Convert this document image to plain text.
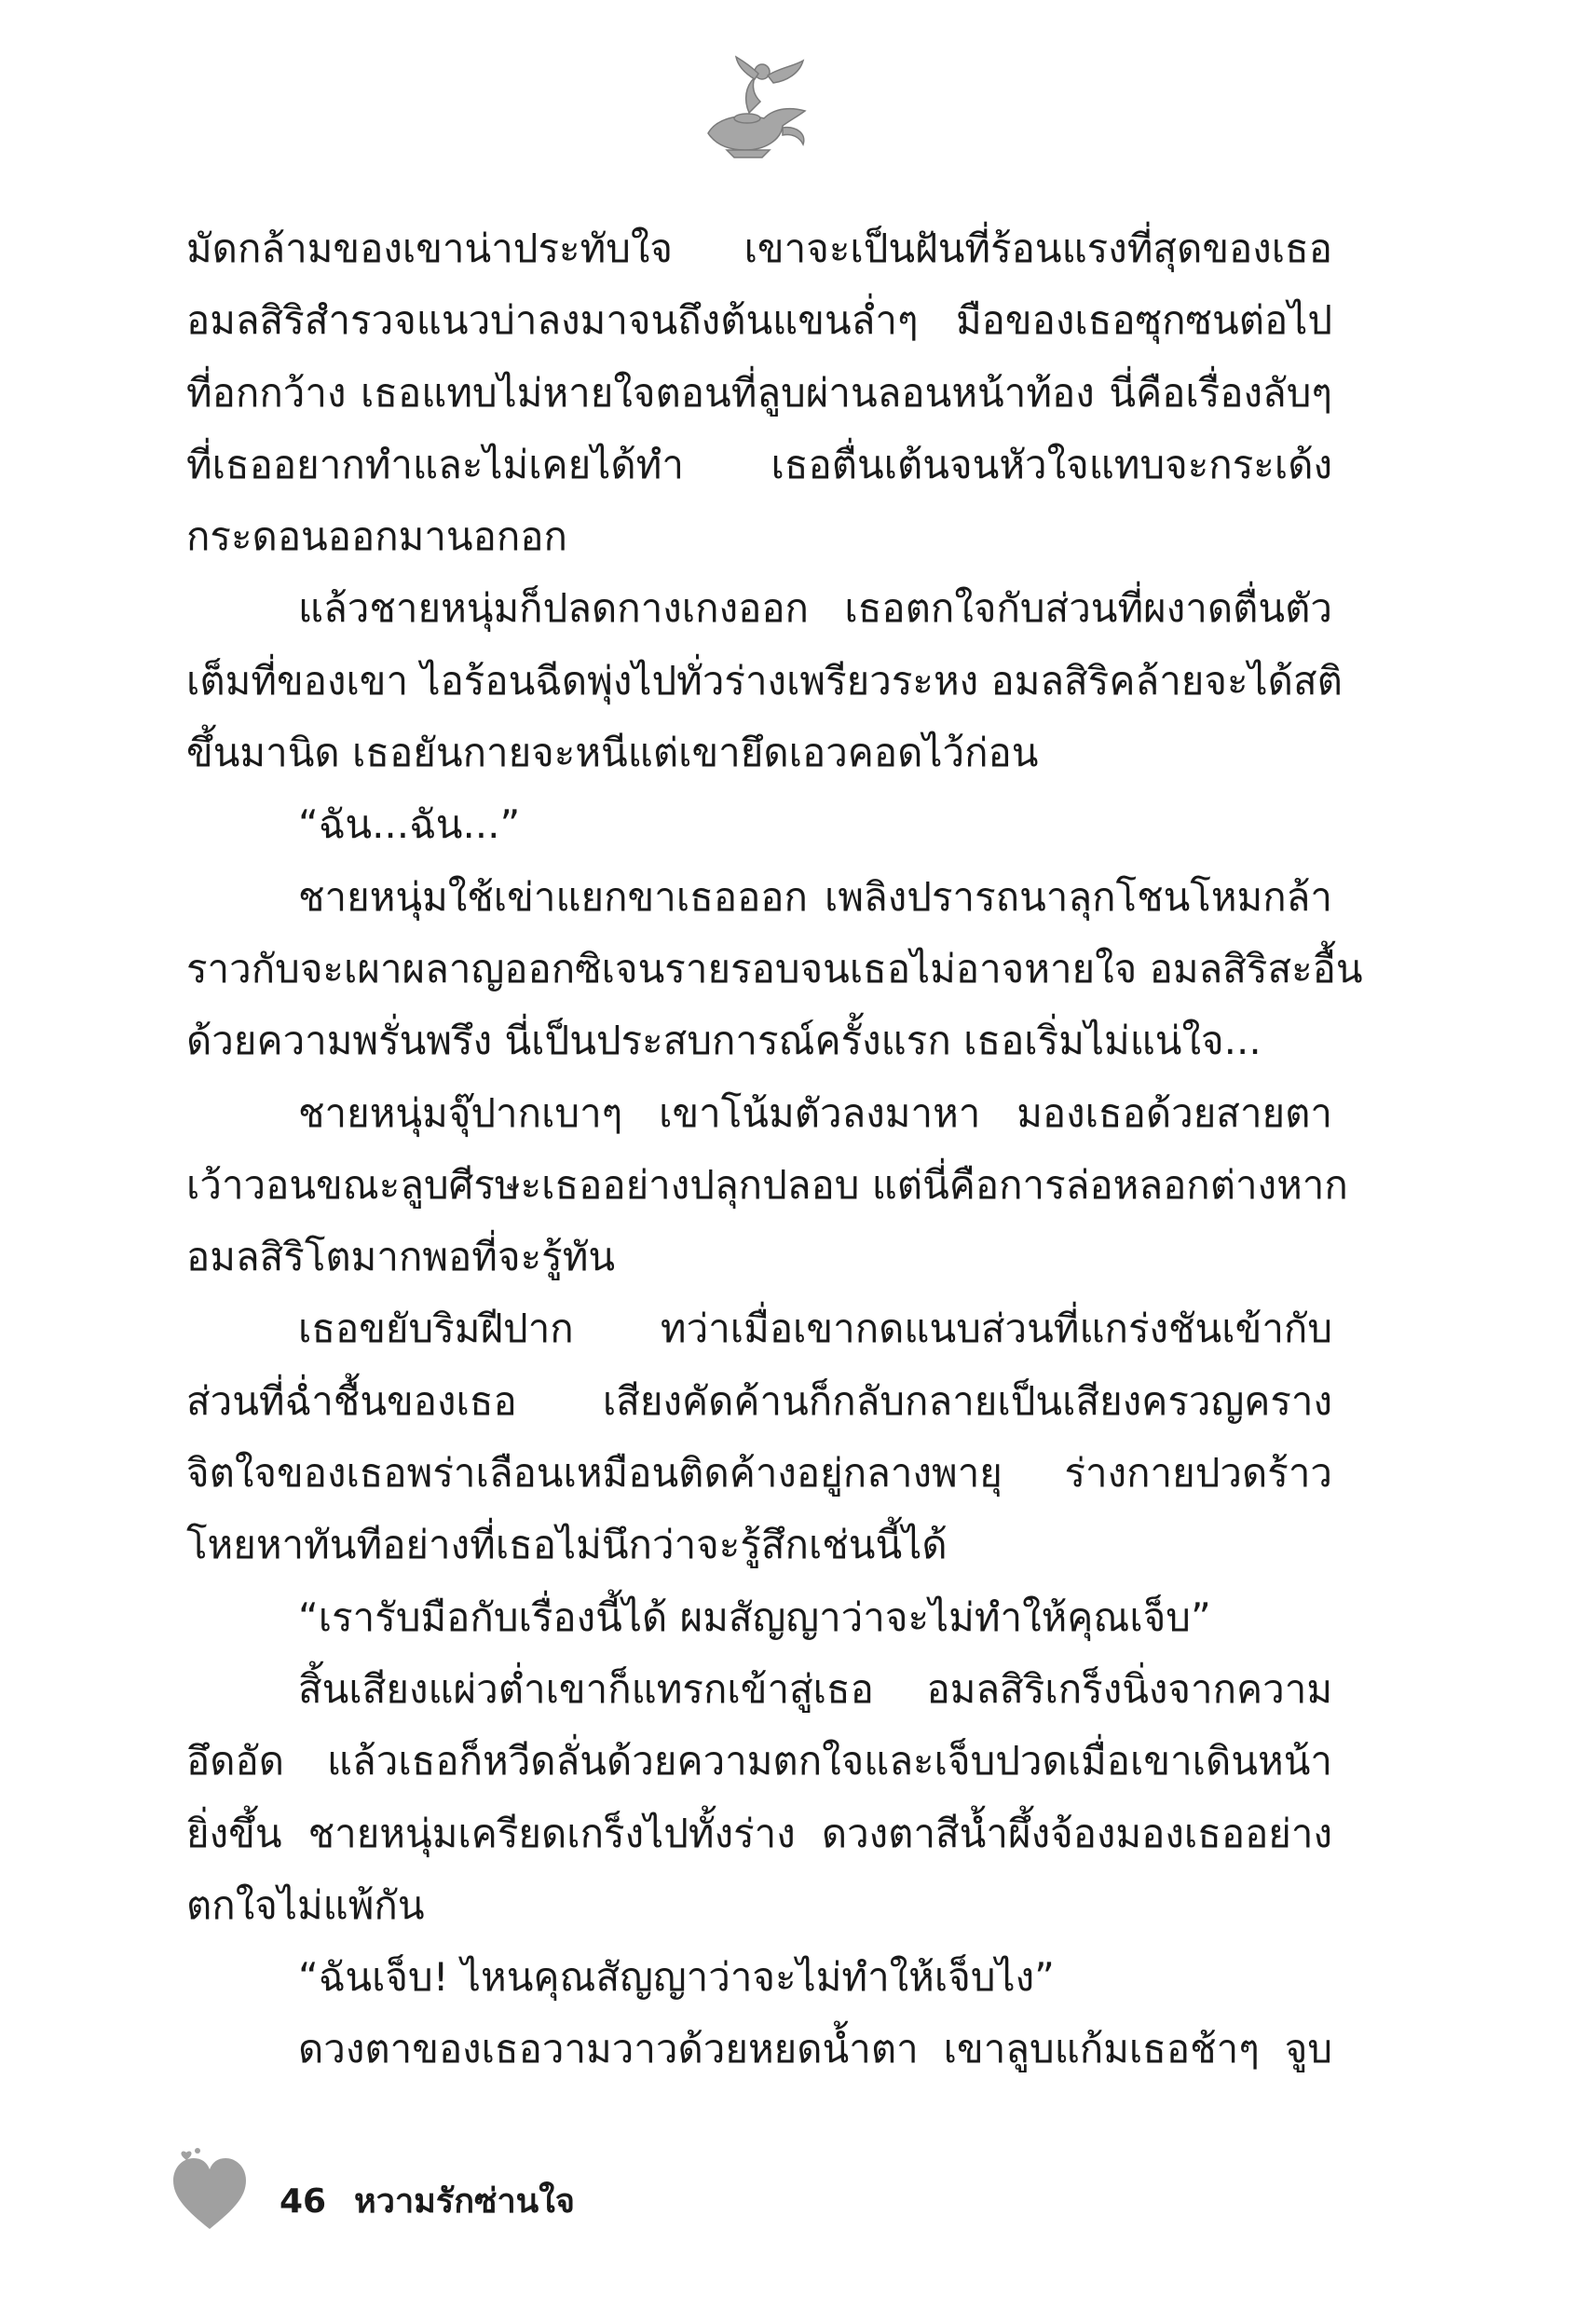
มัดกล้ามของเขาน่าประทับใจ เขาจะเป็นฝันที่ร้อนแรงที่สุดของเธอ
อมลสิริสำรวจแนวบ่าลงมาจนถึงต้นแขนล่ำๆ มือของเธอซุกซนต่อไป
ที่อกกว้าง เธอแทบไม่หายใจตอนที่ลูบผ่านลอนหน้าท้อง นี่คือเรื่องลับๆ
ที่เธออยากทำและไม่เคยได้ทำ เธอตื่นเต้นจนหัวใจแทบจะกระเด้ง
กระดอนออกมานอกอก
แล้วชายหนุ่มก็ปลดกางเกงออก เธอตกใจกับส่วนที่ผงาดตื่นตัว
เต็มที่ของเขา ไอร้อนฉีดพุ่งไปทั่วร่างเพรียวระหง อมลสิริคล้ายจะได้สติ
ขึ้นมานิด เธอยันกายจะหนีแต่เขายึดเอวคอดไว้ก่อน
“ฉัน...ฉัน...”
ชายหนุ่มใช้เข่าแยกขาเธอออก เพลิงปรารถนาลุกโชนโหมกล้า
ราวกับจะเผาผลาญออกซิเจนรายรอบจนเธอไม่อาจหายใจ อมลสิริสะอื้น
ด้วยความพรั่นพรึง นี่เป็นประสบการณ์ครั้งแรก เธอเริ่มไม่แน่ใจ...
ชายหนุ่มจุ๊ปากเบาๆ เขาโน้มตัวลงมาหา มองเธอด้วยสายตา
เว้าวอนขณะลูบศีรษะเธออย่างปลุกปลอบ แต่นี่คือการล่อหลอกต่างหาก
อมลสิริโตมากพอที่จะรู้ทัน
เธอขยับริมฝีปาก ทว่าเมื่อเขากดแนบส่วนที่แกร่งชันเข้ากับ
ส่วนที่ฉ่ำชื้นของเธอ เสียงคัดค้านก็กลับกลายเป็นเสียงครวญคราง
จิตใจของเธอพร่าเลือนเหมือนติดค้างอยู่กลางพายุ ร่างกายปวดร้าว
โหยหาทันทีอย่างที่เธอไม่นึกว่าจะรู้สึกเช่นนี้ได้
“เรารับมือกับเรื่องนี้ได้ ผมสัญญาว่าจะไม่ทำให้คุณเจ็บ”
สิ้นเสียงแผ่วต่ำเขาก็แทรกเข้าสู่เธอ อมลสิริเกร็งนิ่งจากความ
อึดอัด แล้วเธอก็หวีดลั่นด้วยความตกใจและเจ็บปวดเมื่อเขาเดินหน้า
ยิ่งขึ้น ชายหนุ่มเครียดเกร็งไปทั้งร่าง ดวงตาสีน้ำผึ้งจ้องมองเธออย่าง
ตกใจไม่แพ้กัน
“ฉันเจ็บ! ไหนคุณสัญญาว่าจะไม่ทำให้เจ็บไง”
ดวงตาของเธอวามวาวด้วยหยดน้ำตา เขาลูบแก้มเธอช้าๆ จูบ
46 หวามรักซ่านใจ
